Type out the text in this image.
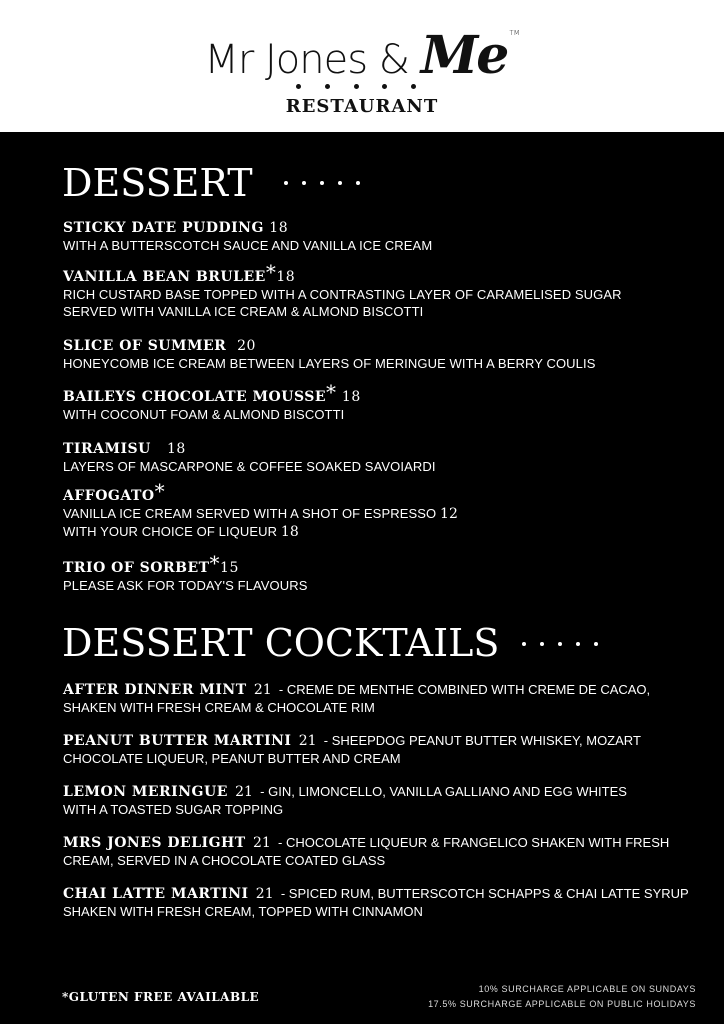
Mr Jones & Me ™
RESTAURANT
DESSERT
STICKY DATE PUDDING 18
WITH A BUTTERSCOTCH SAUCE AND VANILLA ICE CREAM
VANILLA BEAN BRULEE*18
RICH CUSTARD BASE TOPPED WITH A CONTRASTING LAYER OF CARAMELISED SUGAR SERVED WITH VANILLA ICE CREAM & ALMOND BISCOTTI
SLICE OF SUMMER 20
HONEYCOMB ICE CREAM BETWEEN LAYERS OF MERINGUE WITH A BERRY COULIS
BAILEYS CHOCOLATE MOUSSE* 18
WITH COCONUT FOAM & ALMOND BISCOTTI
TIRAMISU 18
LAYERS OF MASCARPONE & COFFEE SOAKED SAVOIARDI
AFFOGATO*
VANILLA ICE CREAM SERVED WITH A SHOT OF ESPRESSO 12
WITH YOUR CHOICE OF LIQUEUR 18
TRIO OF SORBET*15
PLEASE ASK FOR TODAY'S FLAVOURS
DESSERT COCKTAILS
AFTER DINNER MINT 21 - CREME DE MENTHE COMBINED WITH CREME DE CACAO, SHAKEN WITH FRESH CREAM & CHOCOLATE RIM
PEANUT BUTTER MARTINI 21 - SHEEPDOG PEANUT BUTTER WHISKEY, MOZART CHOCOLATE LIQUEUR, PEANUT BUTTER AND CREAM
LEMON MERINGUE 21 - GIN, LIMONCELLO, VANILLA GALLIANO AND EGG WHITES WITH A TOASTED SUGAR TOPPING
MRS JONES DELIGHT 21 - CHOCOLATE LIQUEUR & FRANGELICO SHAKEN WITH FRESH CREAM, SERVED IN A CHOCOLATE COATED GLASS
CHAI LATTE MARTINI 21 - SPICED RUM, BUTTERSCOTCH SCHAPPS & CHAI LATTE SYRUP SHAKEN WITH FRESH CREAM, TOPPED WITH CINNAMON
*GLUTEN FREE AVAILABLE
10% SURCHARGE APPLICABLE ON SUNDAYS
17.5% SURCHARGE APPLICABLE ON PUBLIC HOLIDAYS
